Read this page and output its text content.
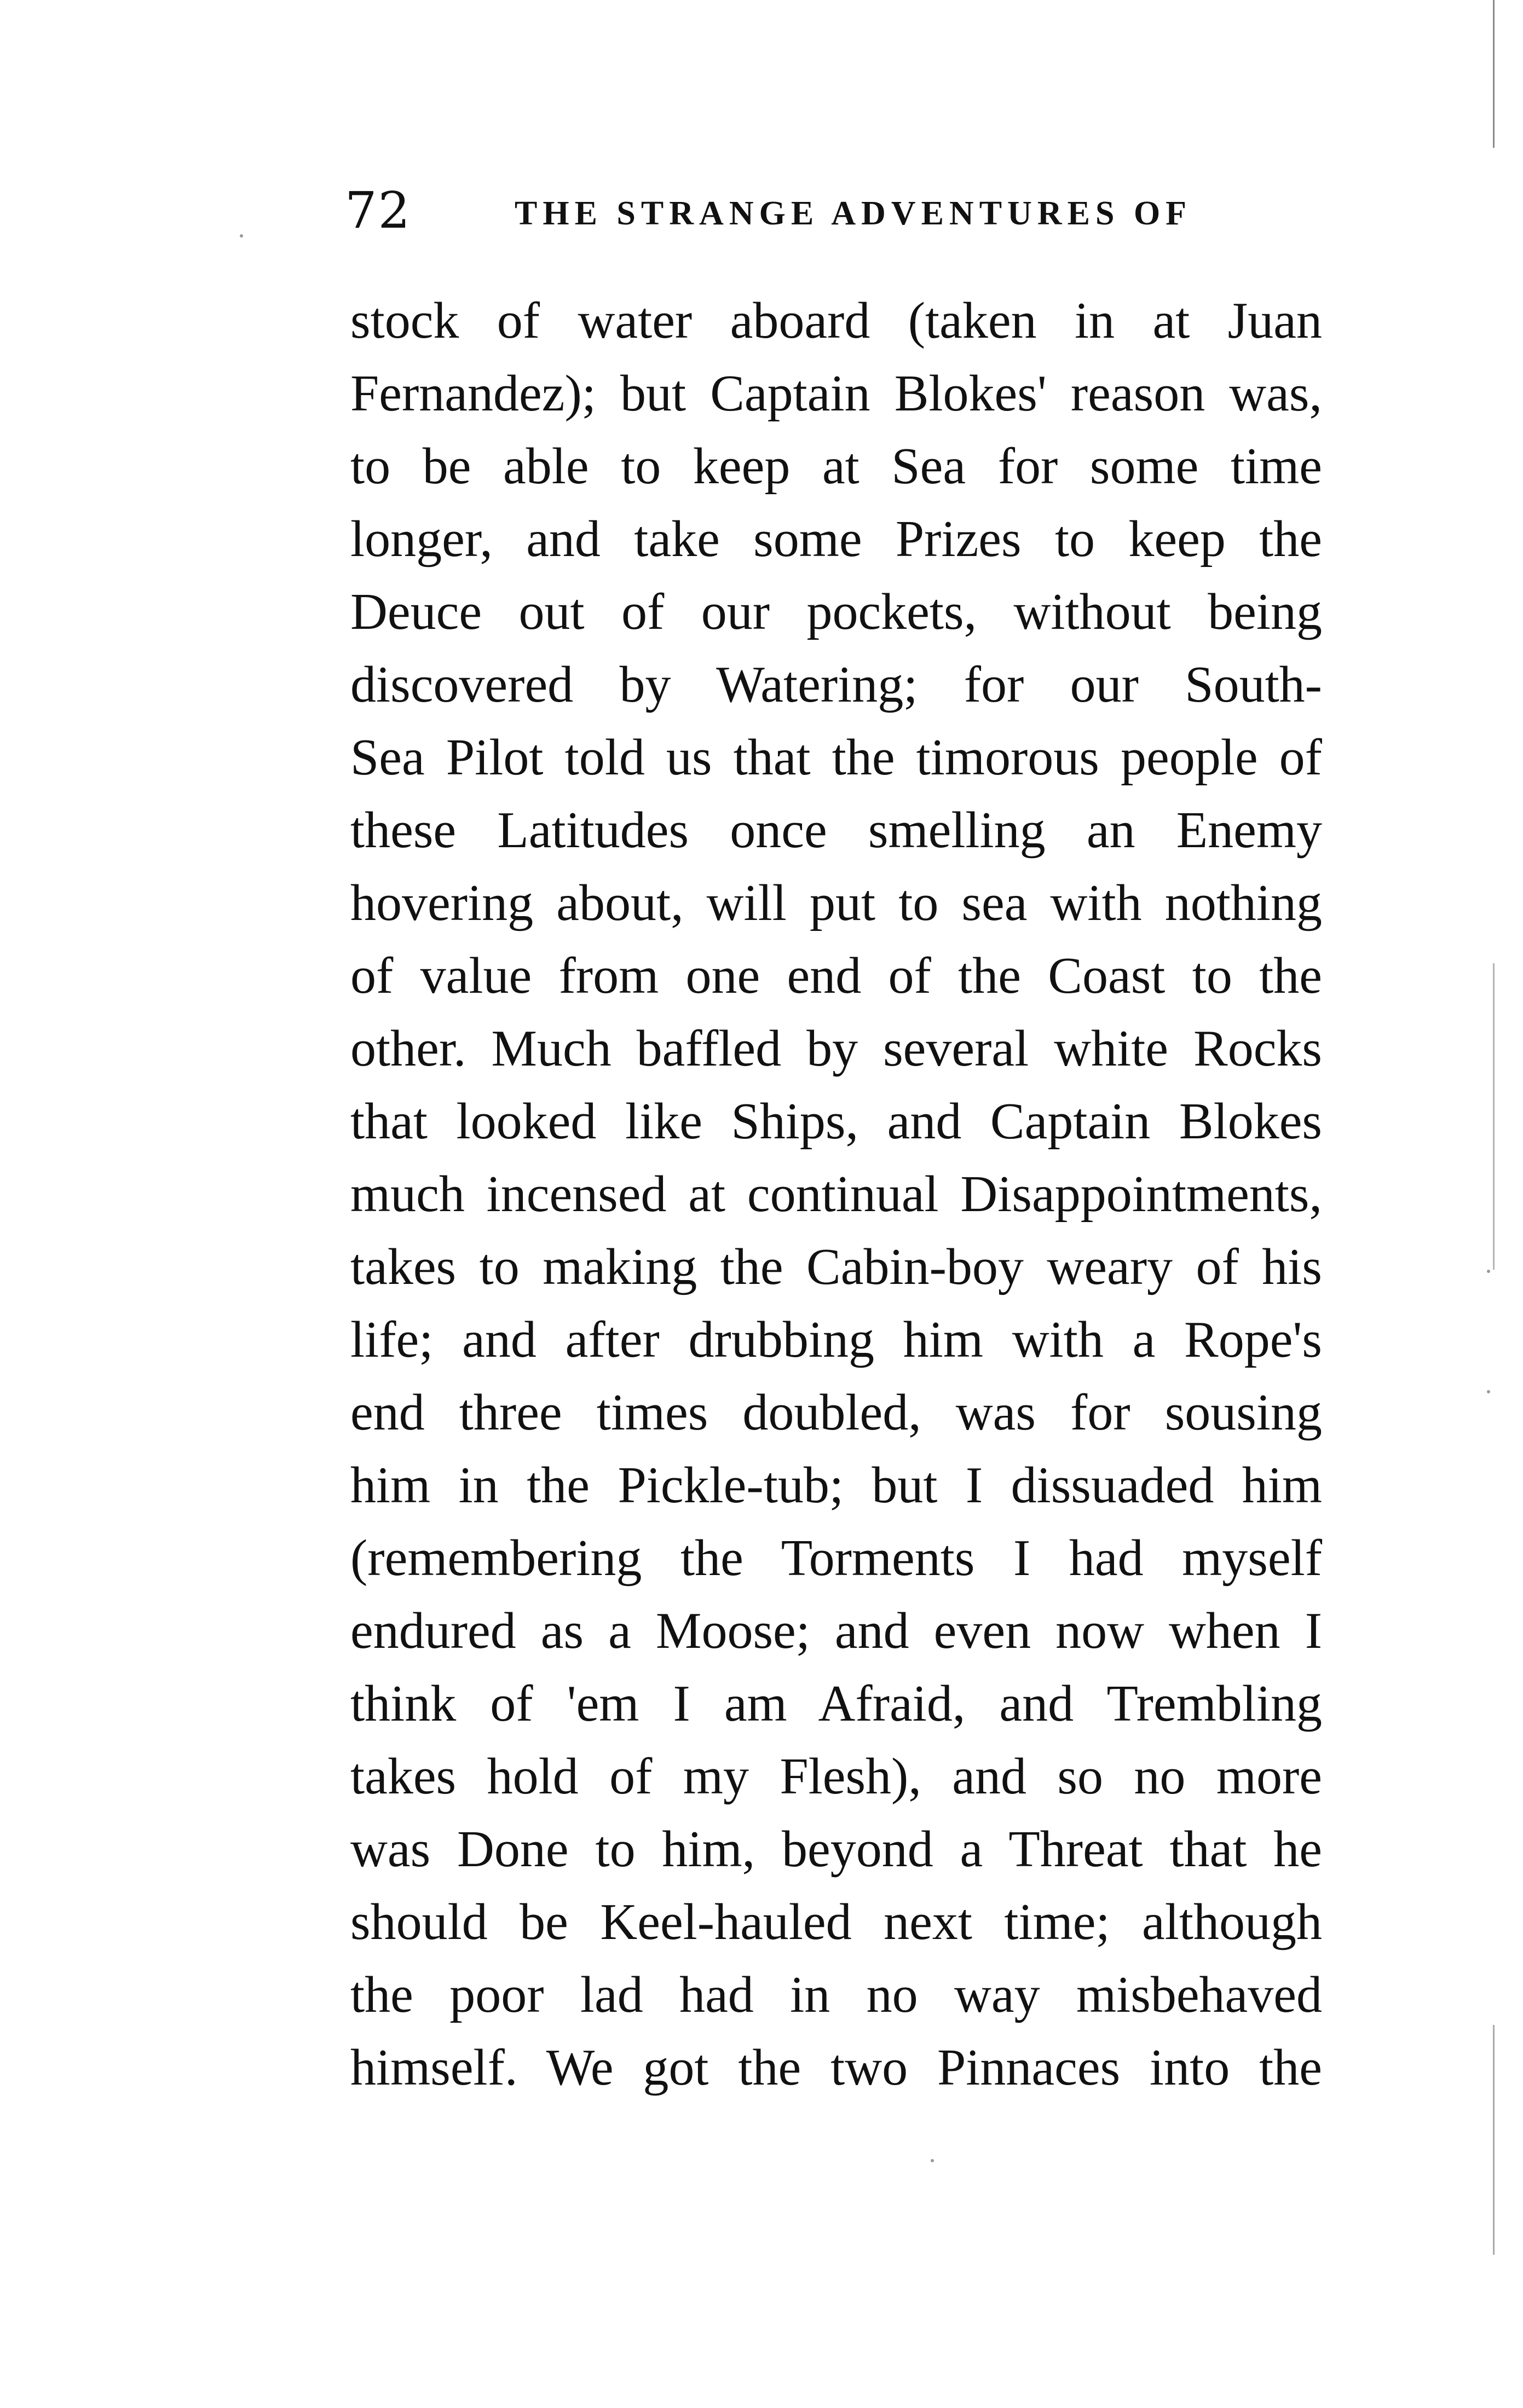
72	THE STRANGE ADVENTURES OF
stock of water aboard (taken in at Juan
Fernandez); but Captain Blokes' reason was,
to be able to keep at Sea for some time
longer, and take some Prizes to keep the
Deuce out of our pockets, without being
discovered by Watering; for our South-
Sea Pilot told us that the timorous people of
these Latitudes once smelling an Enemy
hovering about, will put to sea with nothing
of value from one end of the Coast to the
other. Much baffled by several white Rocks
that looked like Ships, and Captain Blokes
much incensed at continual Disappointments,
takes to making the Cabin-boy weary of his
life; and after drubbing him with a Rope's
end three times doubled, was for sousing
him in the Pickle-tub; but I dissuaded him
(remembering the Torments I had myself
endured as a Moose; and even now when I
think of 'em I am Afraid, and Trembling
takes hold of my Flesh), and so no more
was Done to him, beyond a Threat that he
should be Keel-hauled next time; although
the poor lad had in no way misbehaved
himself. We got the two Pinnaces into the
